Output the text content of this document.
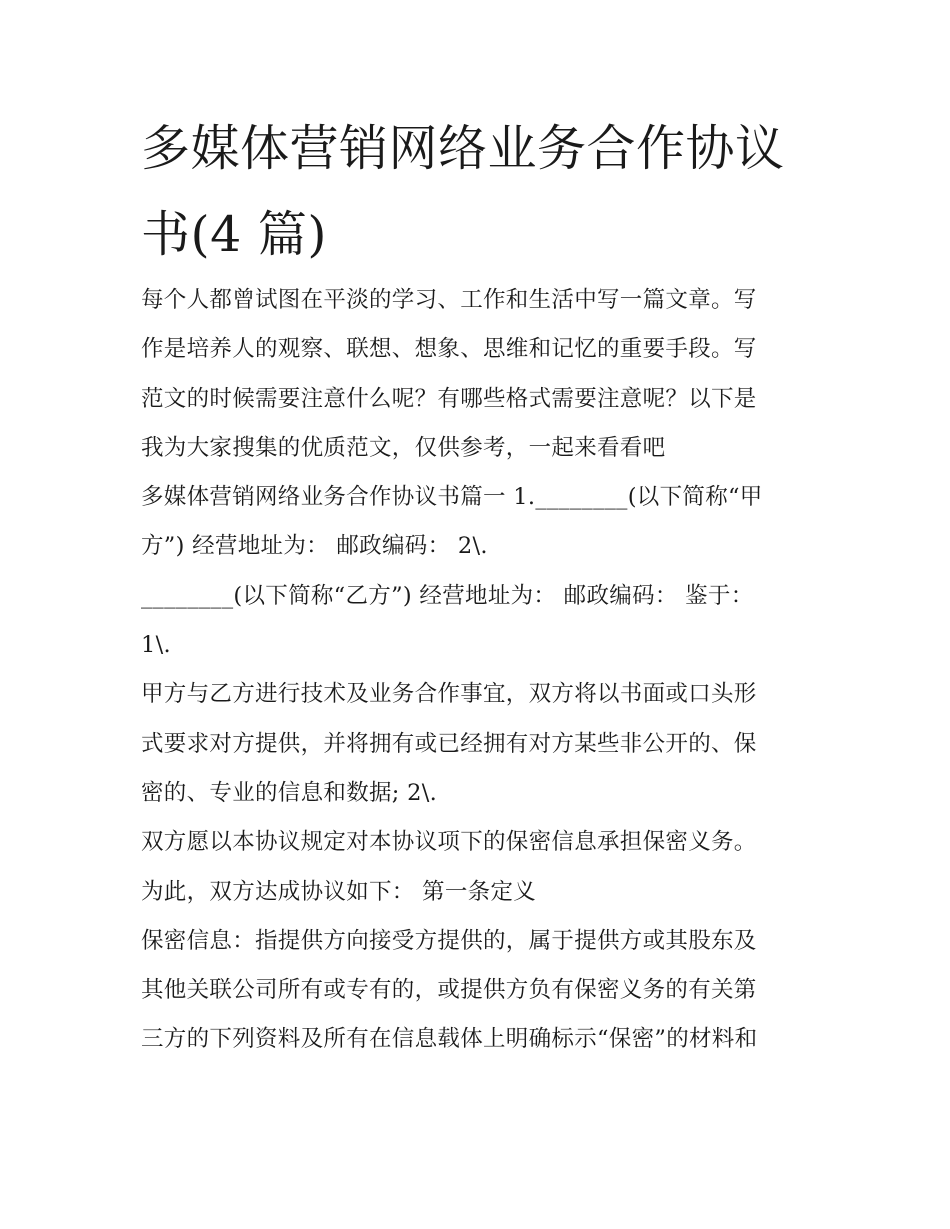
多媒体营销网络业务合作协议
书(4 篇)
每个人都曾试图在平淡的学习、工作和生活中写一篇文章。写
作是培养人的观察、联想、想象、思维和记忆的重要手段。写
范文的时候需要注意什么呢？有哪些格式需要注意呢？以下是
我为大家搜集的优质范文，仅供参考，一起来看看吧
多媒体营销网络业务合作协议书篇一 1.________(以下简称“甲
方”) 经营地址为： 邮政编码： 2\.
________(以下简称“乙方”) 经营地址为： 邮政编码： 鉴于：
1\.
甲方与乙方进行技术及业务合作事宜，双方将以书面或口头形
式要求对方提供，并将拥有或已经拥有对方某些非公开的、保
密的、专业的信息和数据; 2\.
双方愿以本协议规定对本协议项下的保密信息承担保密义务。
为此，双方达成协议如下： 第一条定义
保密信息：指提供方向接受方提供的，属于提供方或其股东及
其他关联公司所有或专有的，或提供方负有保密义务的有关第
三方的下列资料及所有在信息载体上明确标示“保密”的材料和
